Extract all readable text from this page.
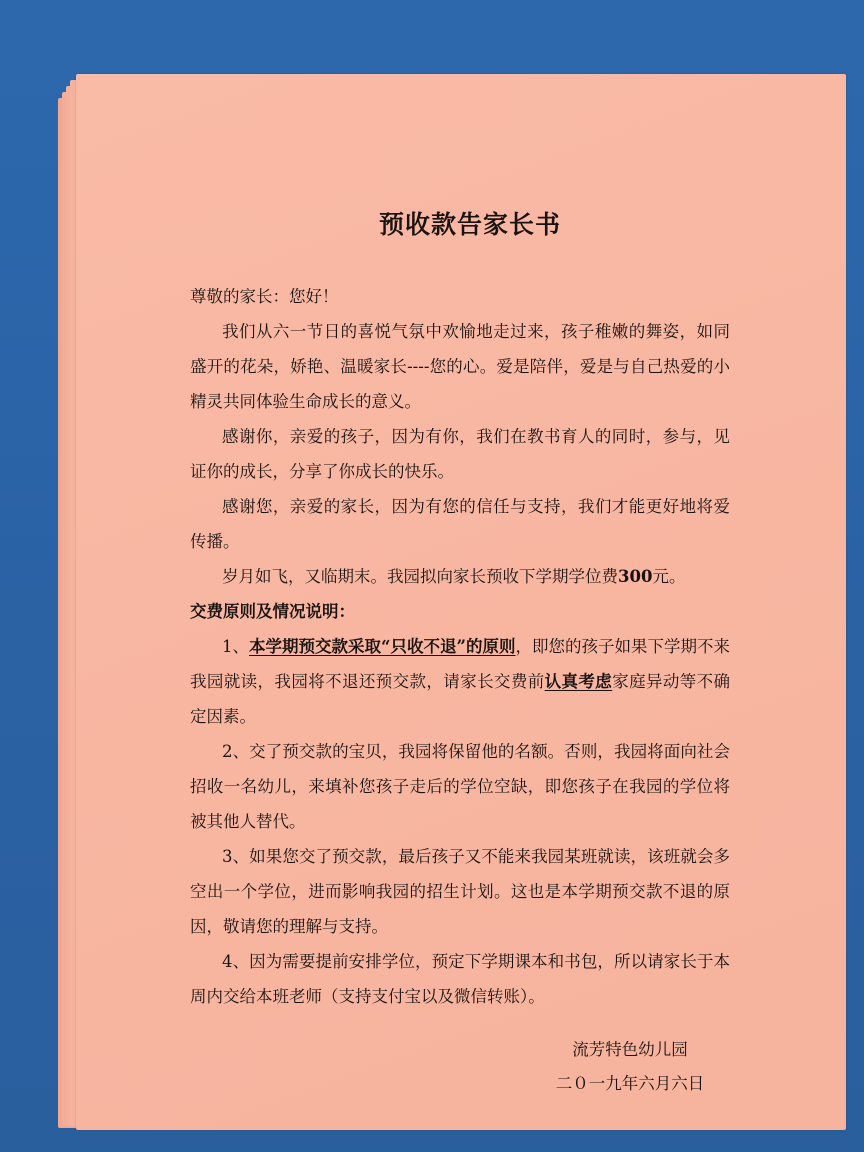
预收款告家长书

尊敬的家长：您好！

我们从六一节日的喜悦气氛中欢愉地走过来，孩子稚嫩的舞姿，如同盛开的花朵，娇艳、温暖家长----您的心。爱是陪伴，爱是与自己热爱的小精灵共同体验生命成长的意义。

感谢你，亲爱的孩子，因为有你，我们在教书育人的同时，参与，见证你的成长，分享了你成长的快乐。

感谢您，亲爱的家长，因为有您的信任与支持，我们才能更好地将爱传播。

岁月如飞，又临期末。我园拟向家长预收下学期学位费300元。

交费原则及情况说明：

1、本学期预交款采取“只收不退”的原则，即您的孩子如果下学期不来我园就读，我园将不退还预交款，请家长交费前认真考虑家庭异动等不确定因素。

2、交了预交款的宝贝，我园将保留他的名额。否则，我园将面向社会招收一名幼儿，来填补您孩子走后的学位空缺，即您孩子在我园的学位将被其他人替代。

3、如果您交了预交款，最后孩子又不能来我园某班就读，该班就会多空出一个学位，进而影响我园的招生计划。这也是本学期预交款不退的原因，敬请您的理解与支持。

4、因为需要提前安排学位，预定下学期课本和书包，所以请家长于本周内交给本班老师（支持支付宝以及微信转账）。

流芳特色幼儿园
二０一九年六月六日
